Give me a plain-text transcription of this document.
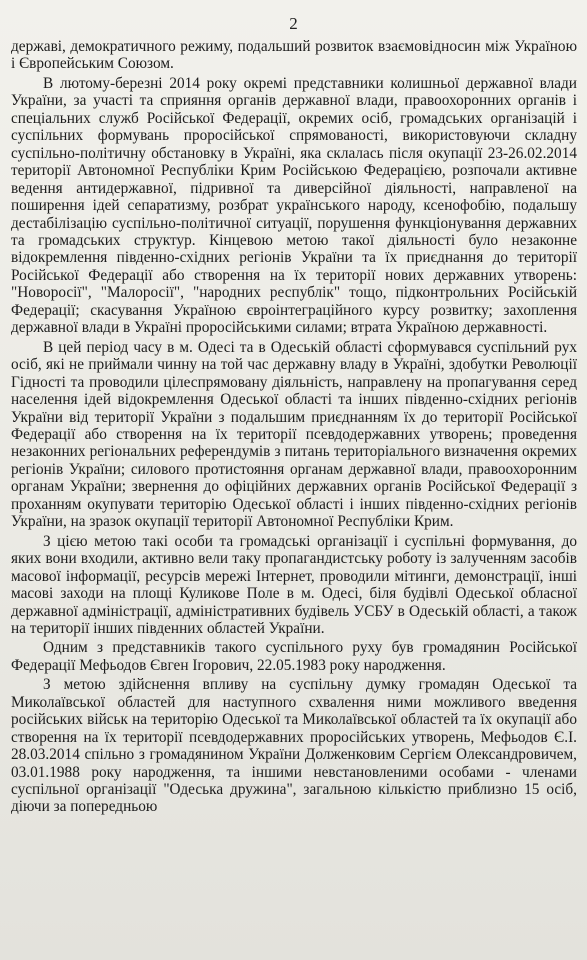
2

державі, демократичного режиму, подальший розвиток взаємовідносин між Україною і Європейським Союзом.

В лютому-березні 2014 року окремі представники колишньої державної влади України, за участі та сприяння органів державної влади, правоохоронних органів і спеціальних служб Російської Федерації, окремих осіб, громадських організацій і суспільних формувань проросійської спрямованості, використовуючи складну суспільно-політичну обстановку в Україні, яка склалась після окупації 23-26.02.2014 території Автономної Республіки Крим Російською Федерацією, розпочали активне ведення антидержавної, підривної та диверсійної діяльності, направленої на поширення ідей сепаратизму, розбрат українського народу, ксенофобію, подальшу дестабілізацію суспільно-політичної ситуації, порушення функціонування державних та громадських структур. Кінцевою метою такої діяльності було незаконне відокремлення південно-східних регіонів України та їх приєднання до території Російської Федерації або створення на їх території нових державних утворень: "Новоросії", "Малоросії", "народних республік" тощо, підконтрольних Російській Федерації; скасування Україною євроінтеграційного курсу розвитку; захоплення державної влади в Україні проросійськими силами; втрата Україною державності.

В цей період часу в м. Одесі та в Одеській області сформувався суспільний рух осіб, які не приймали чинну на той час державну владу в Україні, здобутки Революції Гідності та проводили цілеспрямовану діяльність, направлену на пропагування серед населення ідей відокремлення Одеської області та інших південно-східних регіонів України від території України з подальшим приєднанням їх до території Російської Федерації або створення на їх території псевдодержавних утворень; проведення незаконних регіональних референдумів з питань територіального визначення окремих регіонів України; силового протистояння органам державної влади, правоохоронним органам України; звернення до офіційних державних органів Російської Федерації з проханням окупувати територію Одеської області і інших південно-східних регіонів України, на зразок окупації території Автономної Республіки Крим.

З цією метою такі особи та громадські організації і суспільні формування, до яких вони входили, активно вели таку пропагандистську роботу із залученням засобів масової інформації, ресурсів мережі Інтернет, проводили мітинги, демонстрації, інші масові заходи на площі Куликове Поле в м. Одесі, біля будівлі Одеської обласної державної адміністрації, адміністративних будівель УСБУ в Одеській області, а також на території інших південних областей України.

Одним з представників такого суспільного руху був громадянин Російської Федерації Мефьодов Євген Ігорович, 22.05.1983 року народження.

З метою здійснення впливу на суспільну думку громадян Одеської та Миколаївської областей для наступного схвалення ними можливого введення російських військ на територію Одеської та Миколаївської областей та їх окупації або створення на їх території псевдодержавних проросійських утворень, Мефьодов Є.І. 28.03.2014 спільно з громадянином України Долженковим Сергієм Олександровичем, 03.01.1988 року народження, та іншими невстановленими особами - членами суспільної організації "Одеська дружина", загальною кількістю приблизно 15 осіб, діючи за попередньою
